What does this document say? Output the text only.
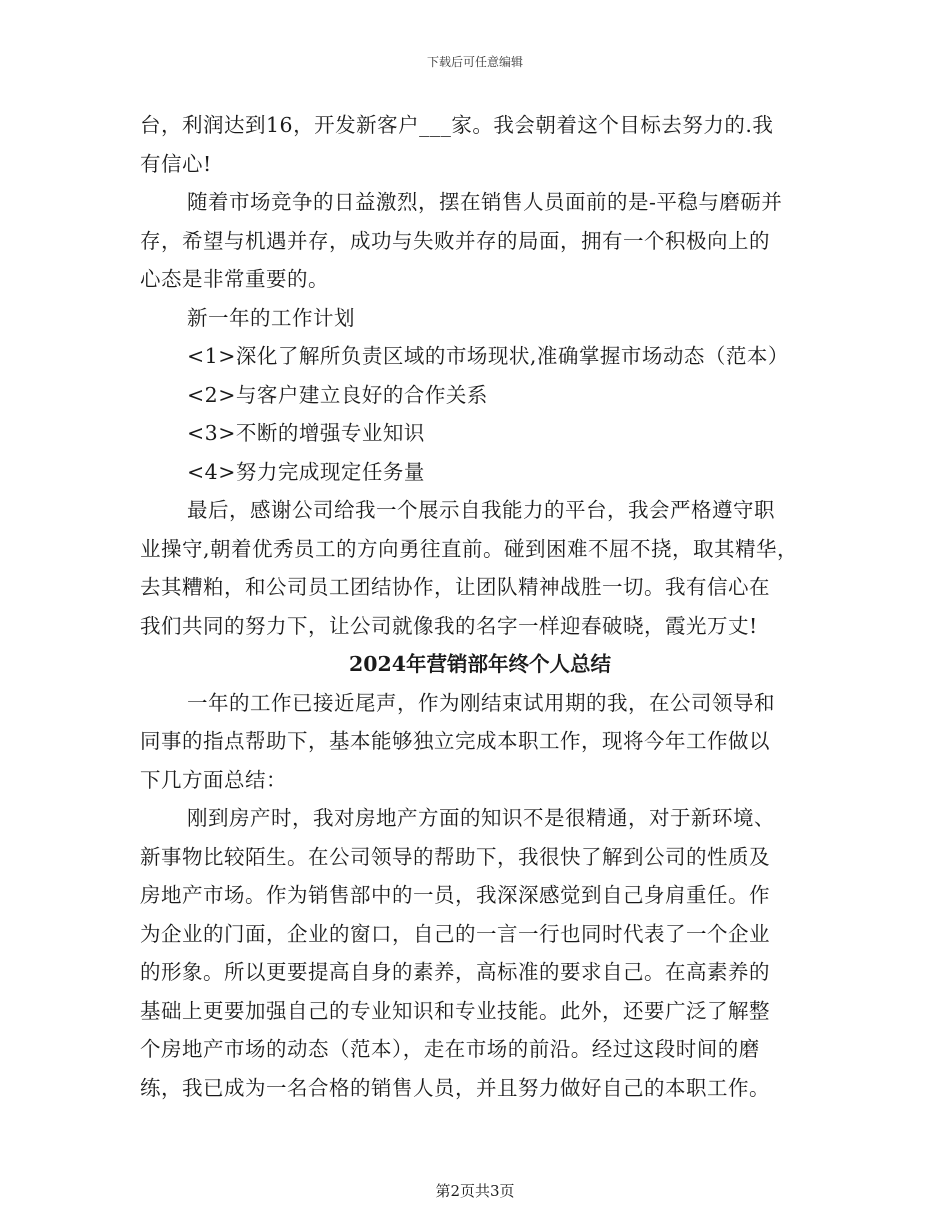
下载后可任意编辑
台，利润达到16，开发新客户___家。我会朝着这个目标去努力的.我
有信心!
随着市场竞争的日益激烈，摆在销售人员面前的是-平稳与磨砺并
存，希望与机遇并存，成功与失败并存的局面，拥有一个积极向上的
心态是非常重要的。
新一年的工作计划
<1>深化了解所负责区域的市场现状,准确掌握市场动态（范本）
<2>与客户建立良好的合作关系
<3>不断的增强专业知识
<4>努力完成现定任务量
最后，感谢公司给我一个展示自我能力的平台，我会严格遵守职
业操守,朝着优秀员工的方向勇往直前。碰到困难不屈不挠，取其精华，
去其糟粕，和公司员工团结协作，让团队精神战胜一切。我有信心在
我们共同的努力下，让公司就像我的名字一样迎春破晓，霞光万丈!
2024年营销部年终个人总结
一年的工作已接近尾声，作为刚结束试用期的我，在公司领导和
同事的指点帮助下，基本能够独立完成本职工作，现将今年工作做以
下几方面总结：
刚到房产时，我对房地产方面的知识不是很精通，对于新环境、
新事物比较陌生。在公司领导的帮助下，我很快了解到公司的性质及
房地产市场。作为销售部中的一员，我深深感觉到自己身肩重任。作
为企业的门面，企业的窗口，自己的一言一行也同时代表了一个企业
的形象。所以更要提高自身的素养，高标准的要求自己。在高素养的
基础上更要加强自己的专业知识和专业技能。此外，还要广泛了解整
个房地产市场的动态（范本），走在市场的前沿。经过这段时间的磨
练，我已成为一名合格的销售人员，并且努力做好自己的本职工作。
第2页共3页
